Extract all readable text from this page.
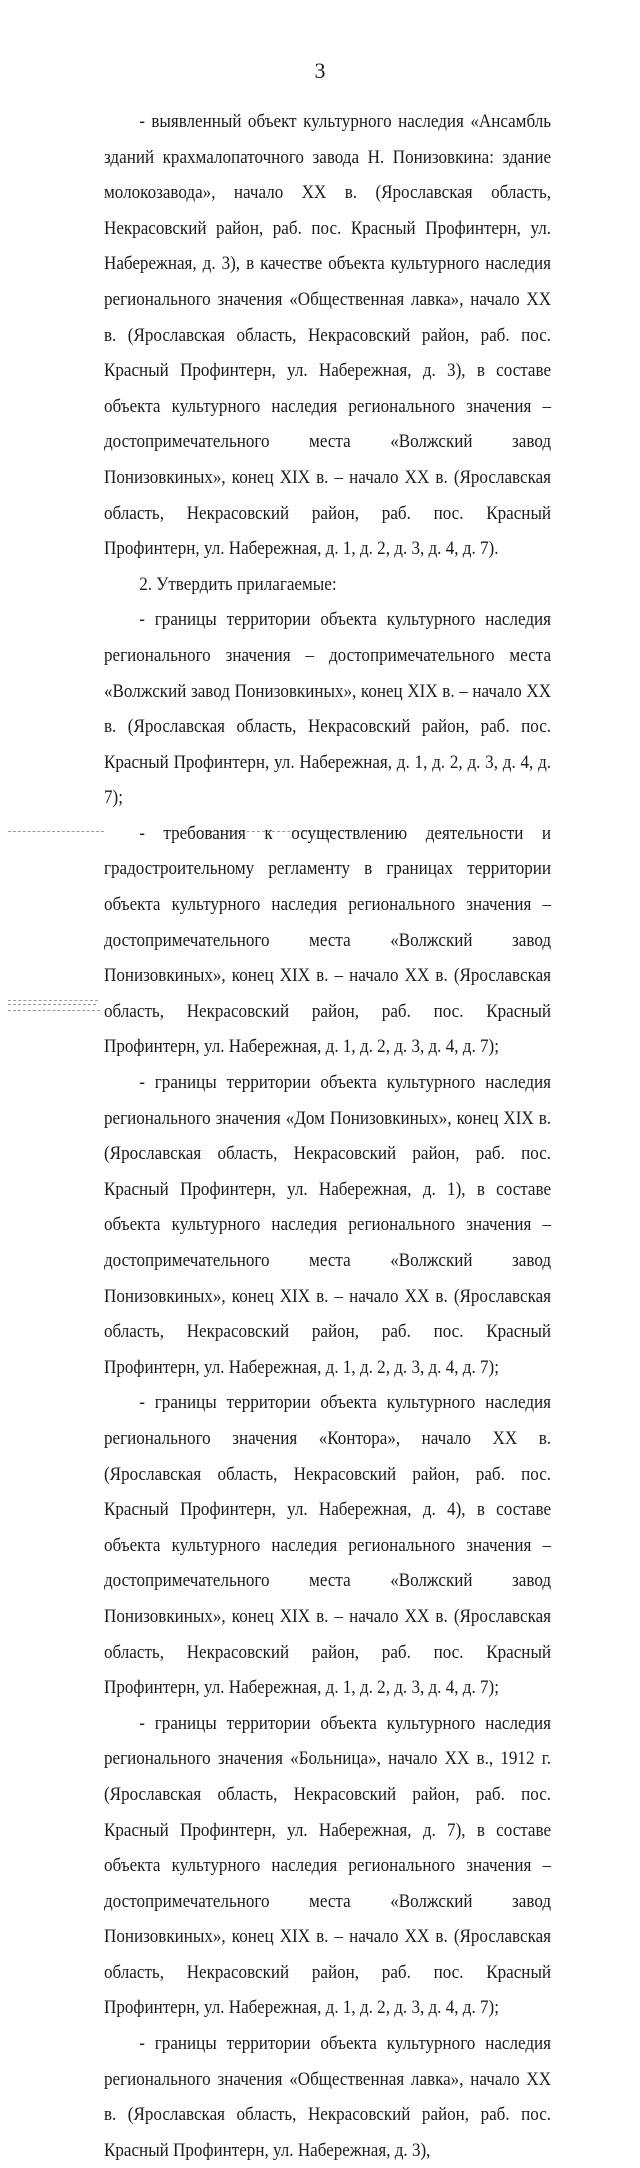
3

- выявленный объект культурного наследия «Ансамбль зданий крахмалопаточного завода Н. Понизовкина: здание молокозавода», начало XX в. (Ярославская область, Некрасовский район, раб. пос. Красный Профинтерн, ул. Набережная, д. 3), в качестве объекта культурного наследия регионального значения «Общественная лавка», начало XX в. (Ярославская область, Некрасовский район, раб. пос. Красный Профинтерн, ул. Набережная, д. 3), в составе объекта культурного наследия регионального значения – достопримечательного места «Волжский завод Понизовкиных», конец XIX в. – начало XX в. (Ярославская область, Некрасовский район, раб. пос. Красный Профинтерн, ул. Набережная, д. 1, д. 2, д. 3, д. 4, д. 7).

2. Утвердить прилагаемые:

- границы территории объекта культурного наследия регионального значения – достопримечательного места «Волжский завод Понизовкиных», конец XIX в. – начало XX в. (Ярославская область, Некрасовский район, раб. пос. Красный Профинтерн, ул. Набережная, д. 1, д. 2, д. 3, д. 4, д. 7);

- требования к осуществлению деятельности и градостроительному регламенту в границах территории объекта культурного наследия регионального значения – достопримечательного места «Волжский завод Понизовкиных», конец XIX в. – начало XX в. (Ярославская область, Некрасовский район, раб. пос. Красный Профинтерн, ул. Набережная, д. 1, д. 2, д. 3, д. 4, д. 7);

- границы территории объекта культурного наследия регионального значения «Дом Понизовкиных», конец XIX в. (Ярославская область, Некрасовский район, раб. пос. Красный Профинтерн, ул. Набережная, д. 1), в составе объекта культурного наследия регионального значения – достопримечательного места «Волжский завод Понизовкиных», конец XIX в. – начало XX в. (Ярославская область, Некрасовский район, раб. пос. Красный Профинтерн, ул. Набережная, д. 1, д. 2, д. 3, д. 4, д. 7);

- границы территории объекта культурного наследия регионального значения «Контора», начало XX в. (Ярославская область, Некрасовский район, раб. пос. Красный Профинтерн, ул. Набережная, д. 4), в составе объекта культурного наследия регионального значения – достопримечательного места «Волжский завод Понизовкиных», конец XIX в. – начало XX в. (Ярославская область, Некрасовский район, раб. пос. Красный Профинтерн, ул. Набережная, д. 1, д. 2, д. 3, д. 4, д. 7);

- границы территории объекта культурного наследия регионального значения «Больница», начало XX в., 1912 г. (Ярославская область, Некрасовский район, раб. пос. Красный Профинтерн, ул. Набережная, д. 7), в составе объекта культурного наследия регионального значения – достопримечательного места «Волжский завод Понизовкиных», конец XIX в. – начало XX в. (Ярославская область, Некрасовский район, раб. пос. Красный Профинтерн, ул. Набережная, д. 1, д. 2, д. 3, д. 4, д. 7);

- границы территории объекта культурного наследия регионального значения «Общественная лавка», начало XX в. (Ярославская область, Некрасовский район, раб. пос. Красный Профинтерн, ул. Набережная, д. 3),
